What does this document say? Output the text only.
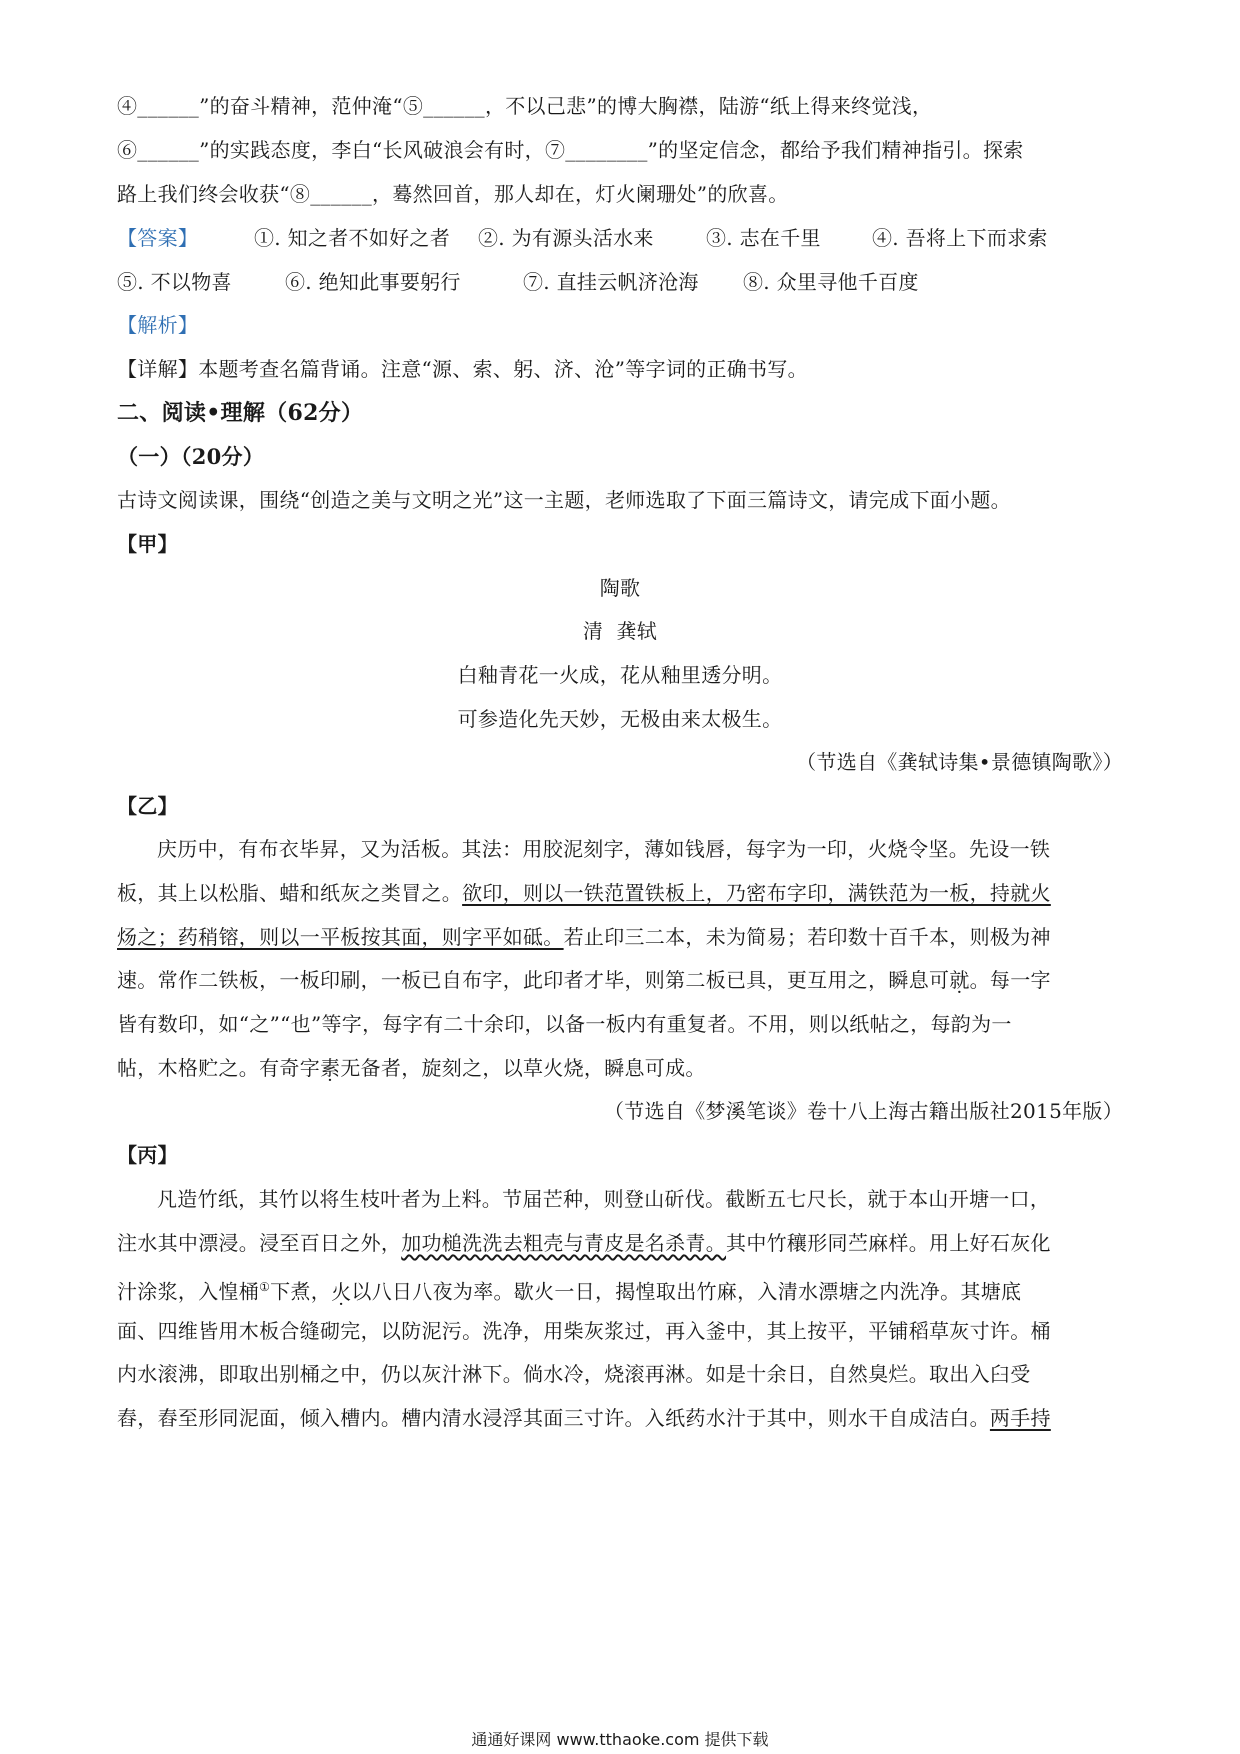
④______”的奋斗精神，范仲淹“⑤______，不以己悲”的博大胸襟，陆游“纸上得来终觉浅，
⑥______”的实践态度，李白“长风破浪会有时，⑦________”的坚定信念，都给予我们精神指引。探索
路上我们终会收获“⑧______，蓦然回首，那人却在，灯火阑珊处”的欣喜。
【答案】	①. 知之者不如好之者 ②. 为有源头活水来	③. 志在千里	④. 吾将上下而求索
⑤. 不以物喜	⑥. 绝知此事要躬行	⑦. 直挂云帆济沧海 ⑧. 众里寻他千百度
【解析】
【详解】本题考查名篇背诵。注意“源、索、躬、济、沧”等字词的正确书写。
二、阅读•理解（62分）
（一）（20分）
古诗文阅读课，围绕“创造之美与文明之光”这一主题，老师选取了下面三篇诗文，请完成下面小题。
【甲】
陶歌
清  龚轼
白釉青花一火成，花从釉里透分明。
可参造化先天妙，无极由来太极生。
（节选自《龚轼诗集•景德镇陶歌》）
【乙】
庆历中，有布衣毕昇，又为活板。其法：用胶泥刻字，薄如钱唇，每字为一印，火烧令坚。先设一铁
板，其上以松脂、蜡和纸灰之类冒之。欲印，则以一铁范置铁板上，乃密布字印，满铁范为一板，持就火
炀之；药稍镕，则以一平板按其面，则字平如砥。若止印三二本，未为简易；若印数十百千本，则极为神
速。常作二铁板，一板印刷，一板已自布字，此印者才毕，则第二板已具，更互用之，瞬息可就。每一字
皆有数印，如“之”“也”等字，每字有二十余印，以备一板内有重复者。不用，则以纸帖之，每韵为一
帖，木格贮之。有奇字素无备者，旋刻之，以草火烧，瞬息可成。
（节选自《梦溪笔谈》卷十八上海古籍出版社2015年版）
【丙】
凡造竹纸，其竹以将生枝叶者为上料。节届芒种，则登山斫伐。截断五七尺长，就于本山开塘一口，
注水其中漂浸。浸至百日之外，加功槌洗洗去粗壳与青皮是名杀青。其中竹穰形同苎麻样。用上好石灰化
汁涂浆，入惶桶①下煮，火以八日八夜为率。歇火一日，揭惶取出竹麻，入清水漂塘之内洗净。其塘底
面、四维皆用木板合缝砌完，以防泥污。洗净，用柴灰浆过，再入釜中，其上按平，平铺稻草灰寸许。桶
内水滚沸，即取出别桶之中，仍以灰汁淋下。倘水冷，烧滚再淋。如是十余日，自然臭烂。取出入臼受
舂，舂至形同泥面，倾入槽内。槽内清水浸浮其面三寸许。入纸药水汁于其中，则水干自成洁白。两手持
通通好课网 www.tthaoke.com 提供下载
